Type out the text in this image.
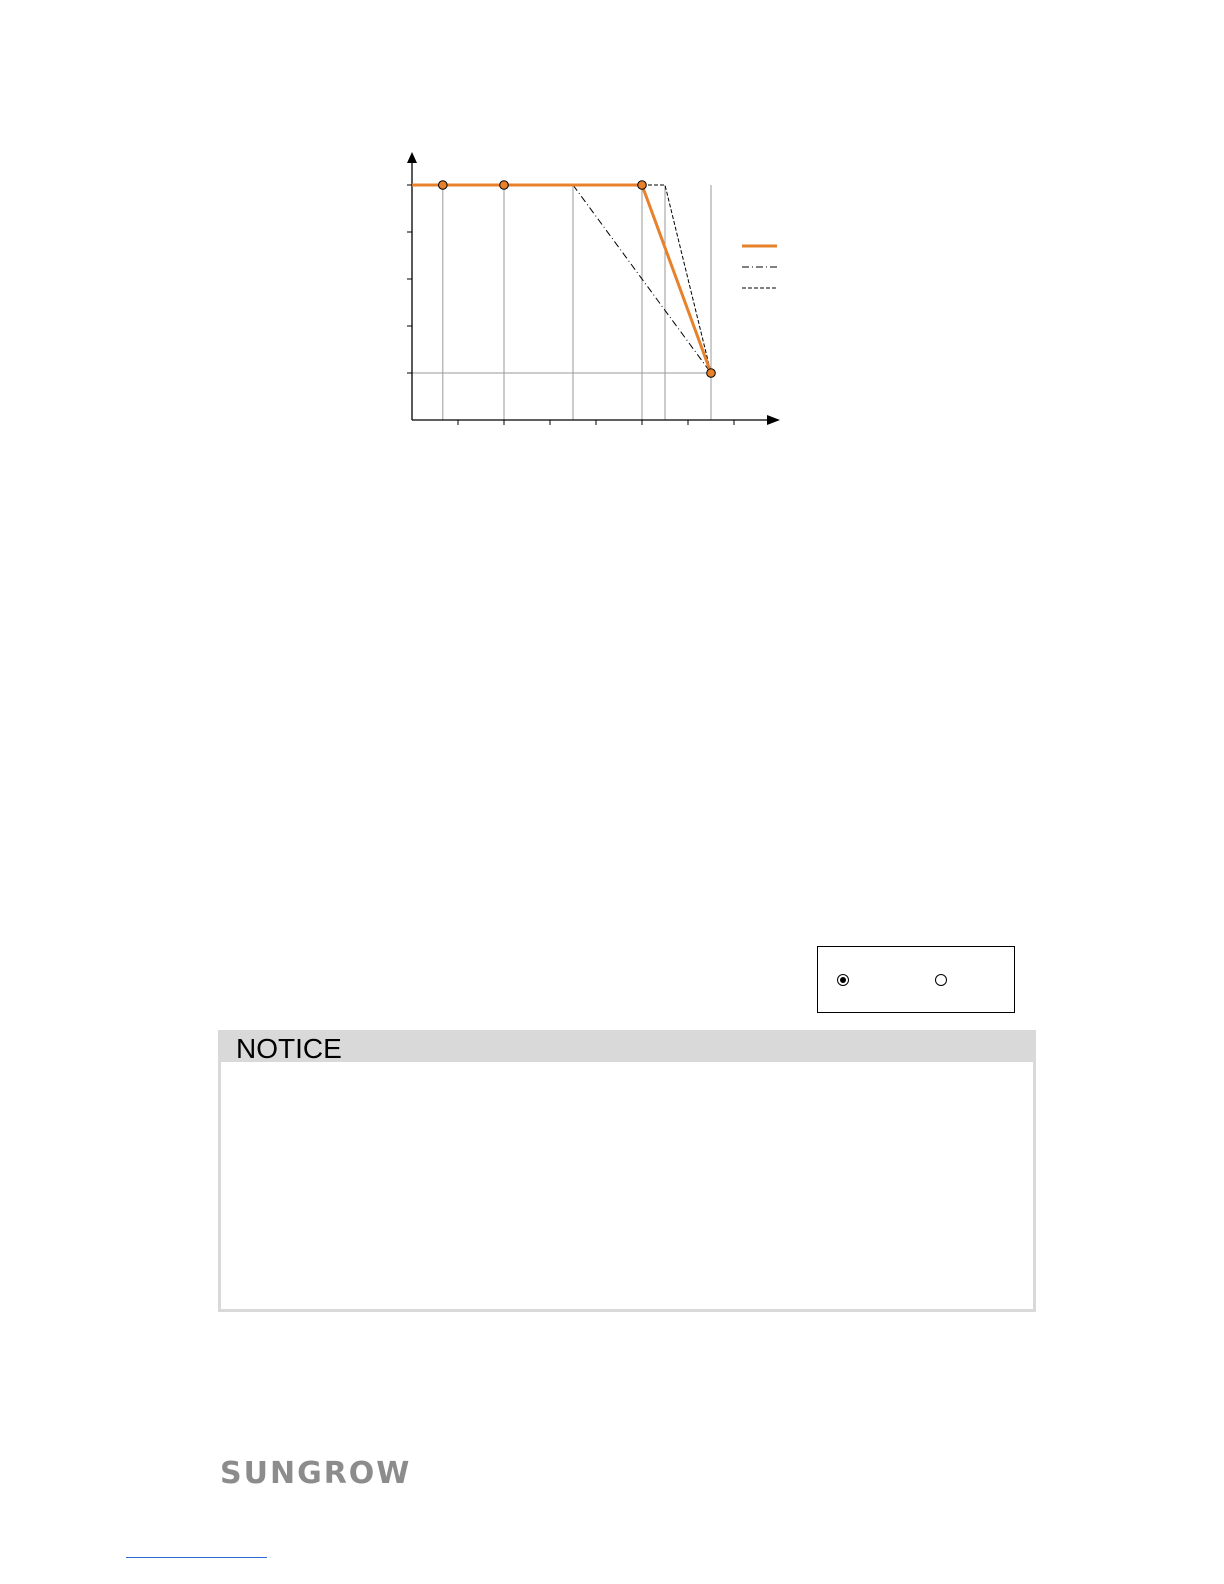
NOTICE
SUNGROW
